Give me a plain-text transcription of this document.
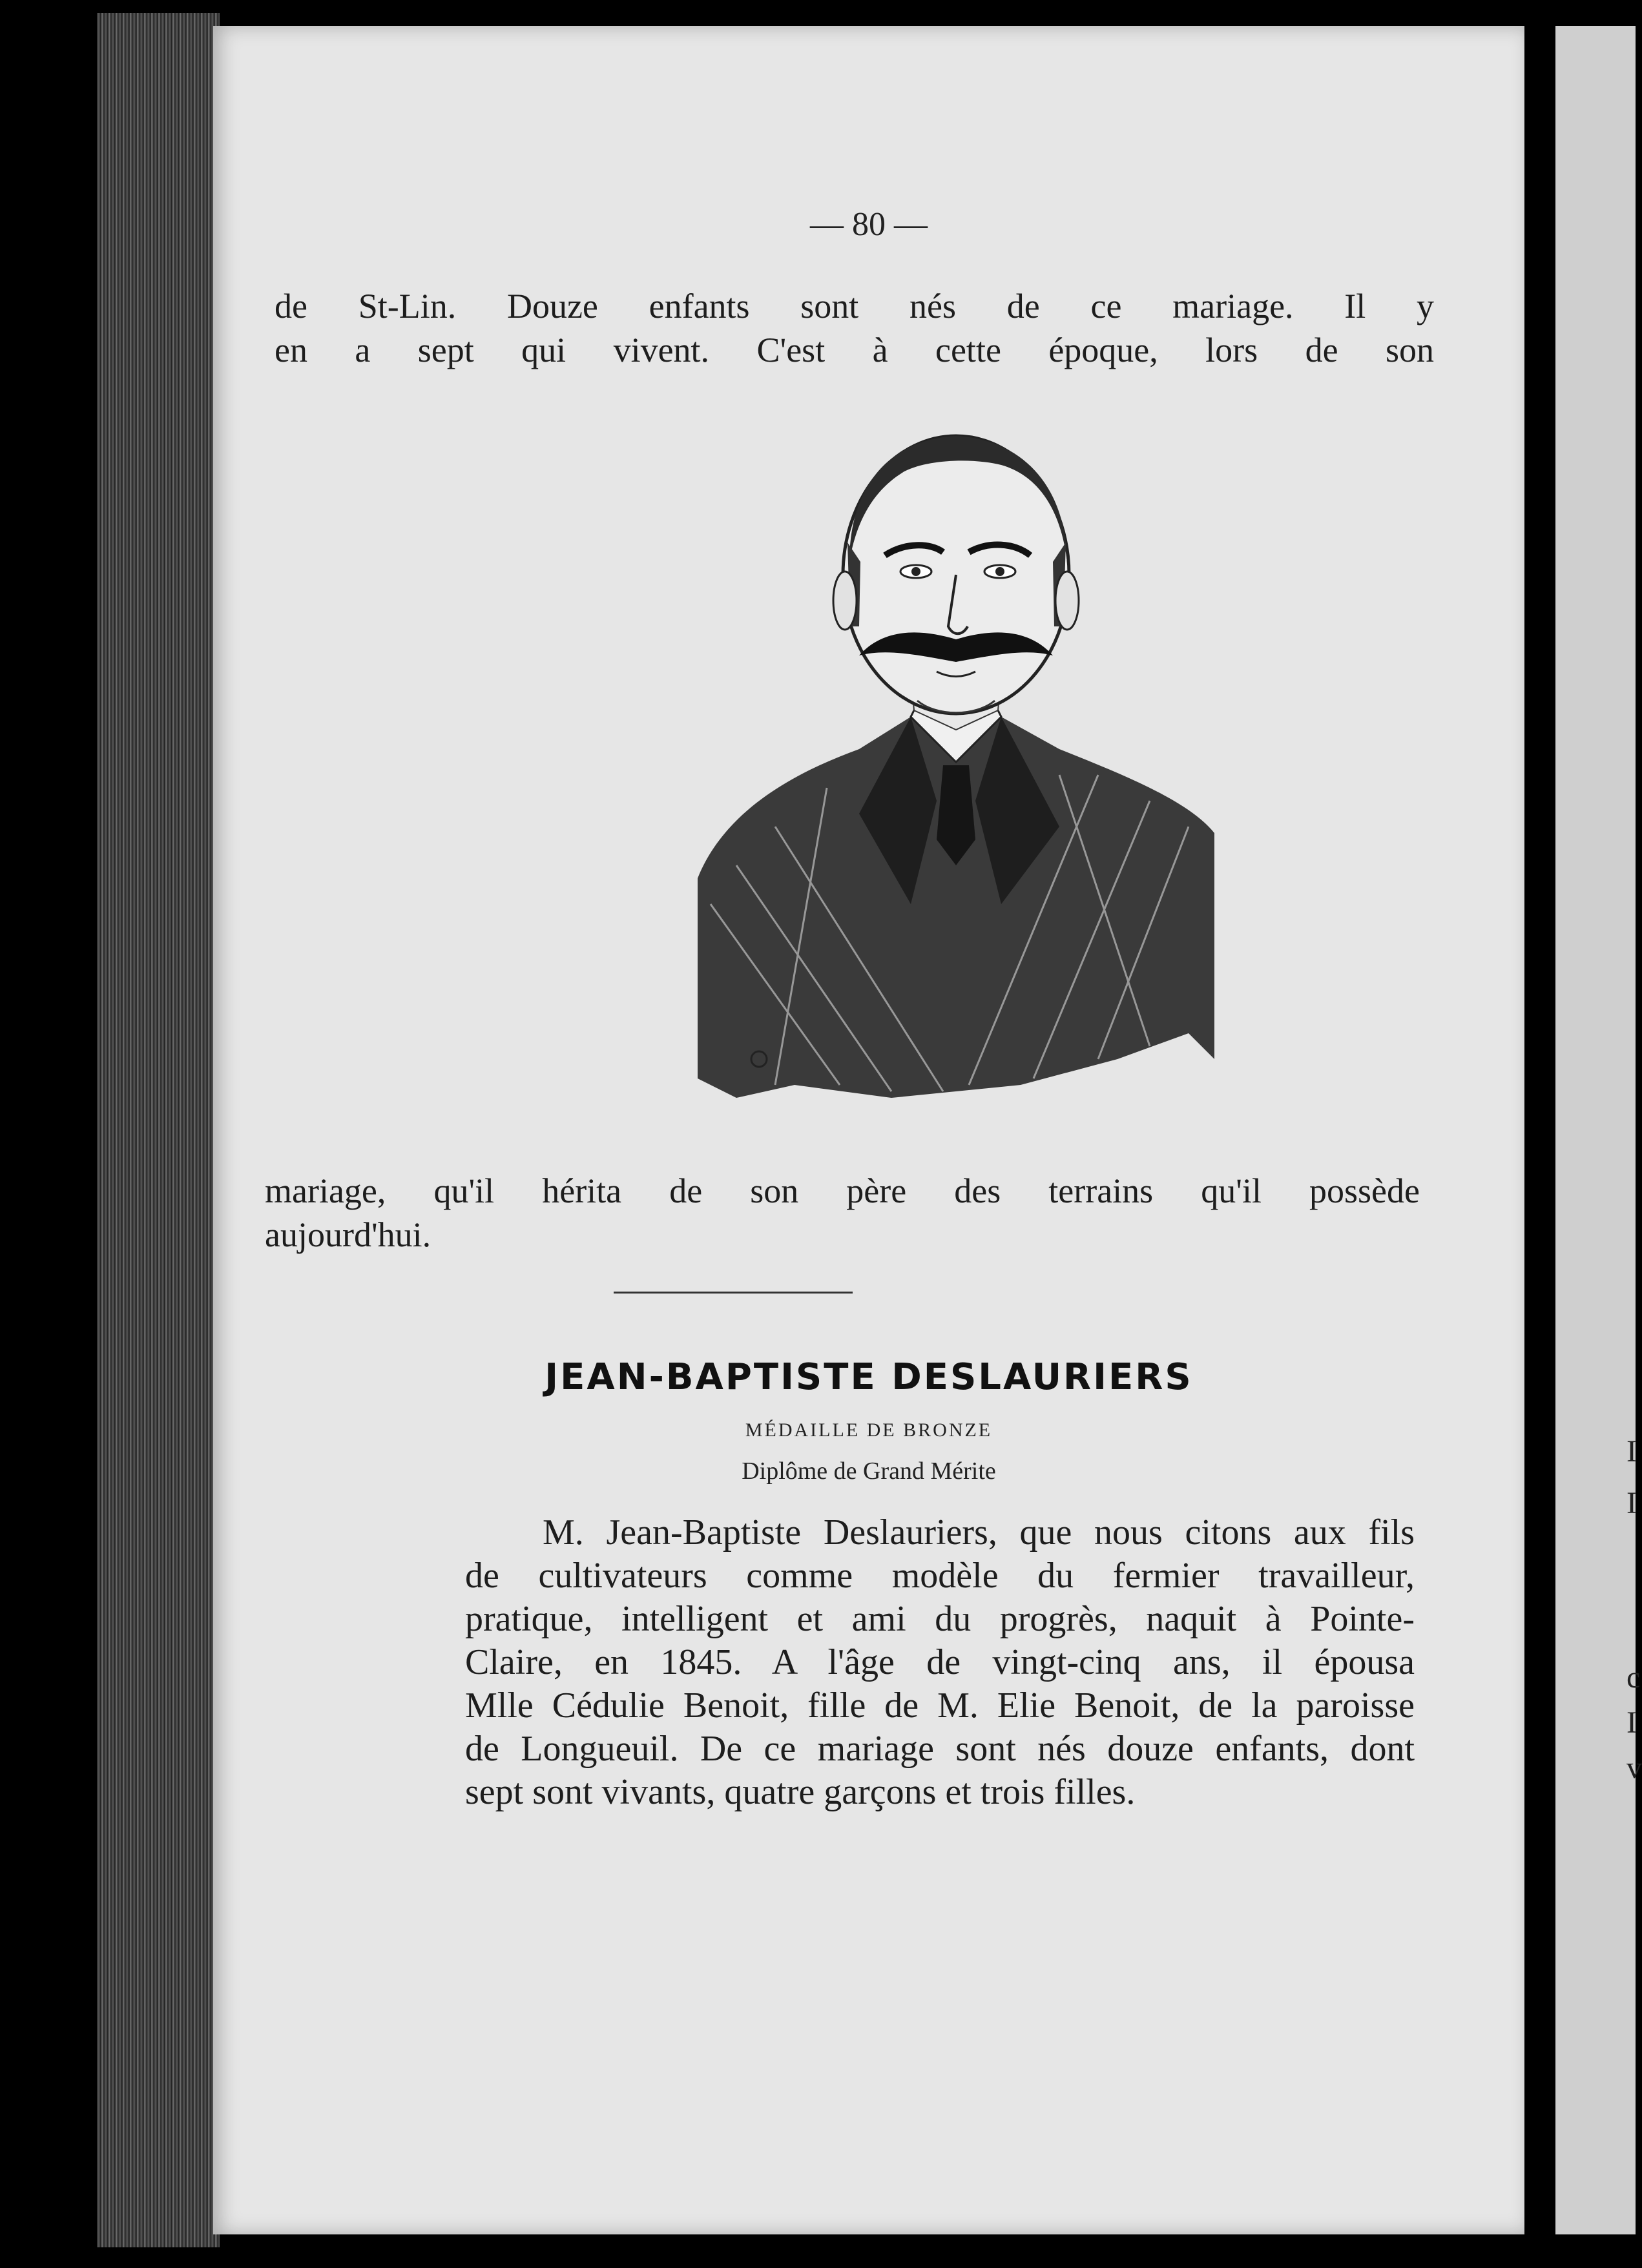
I
I
c
I
v
— 80 —
de St-Lin. Douze enfants sont nés de ce mariage. Il y
en a sept qui vivent. C'est à cette époque, lors de son
mariage, qu'il hérita de son père des terrains qu'il possède
aujourd'hui.
JEAN-BAPTISTE DESLAURIERS
MÉDAILLE DE BRONZE
Diplôme de Grand Mérite
M. Jean-Baptiste Deslauriers, que nous citons aux fils
de cultivateurs comme modèle du fermier travailleur,
pratique, intelligent et ami du progrès, naquit à Pointe-
Claire, en 1845. A l'âge de vingt-cinq ans, il épousa
Mlle Cédulie Benoit, fille de M. Elie Benoit, de la paroisse
de Longueuil. De ce mariage sont nés douze enfants, dont
sept sont vivants, quatre garçons et trois filles.
